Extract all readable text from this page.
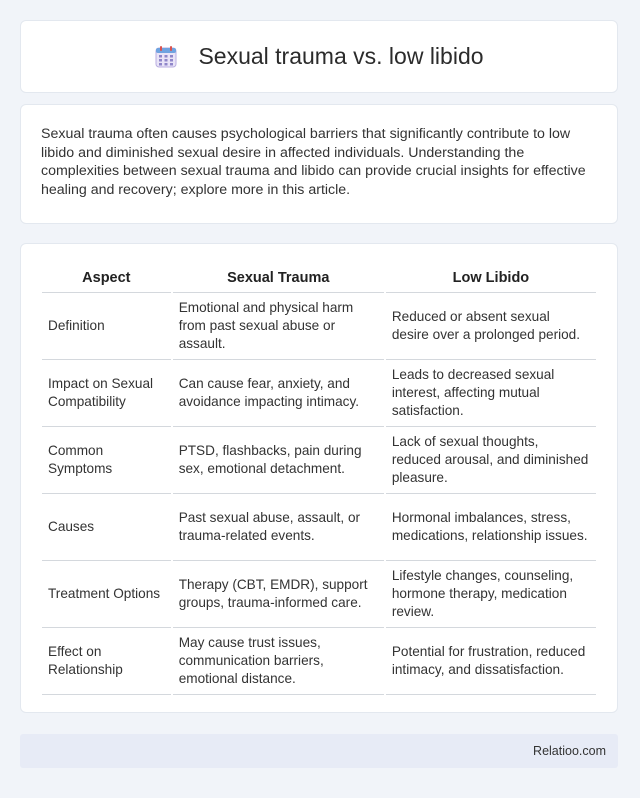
Sexual trauma vs. low libido

Sexual trauma often causes psychological barriers that significantly contribute to low libido and diminished sexual desire in affected individuals. Understanding the complexities between sexual trauma and libido can provide crucial insights for effective healing and recovery; explore more in this article.

Aspect	Sexual Trauma	Low Libido
Definition	Emotional and physical harm from past sexual abuse or assault.	Reduced or absent sexual desire over a prolonged period.
Impact on Sexual Compatibility	Can cause fear, anxiety, and avoidance impacting intimacy.	Leads to decreased sexual interest, affecting mutual satisfaction.
Common Symptoms	PTSD, flashbacks, pain during sex, emotional detachment.	Lack of sexual thoughts, reduced arousal, and diminished pleasure.
Causes	Past sexual abuse, assault, or trauma-related events.	Hormonal imbalances, stress, medications, relationship issues.
Treatment Options	Therapy (CBT, EMDR), support groups, trauma-informed care.	Lifestyle changes, counseling, hormone therapy, medication review.
Effect on Relationship	May cause trust issues, communication barriers, emotional distance.	Potential for frustration, reduced intimacy, and dissatisfaction.
Relatioo.com
